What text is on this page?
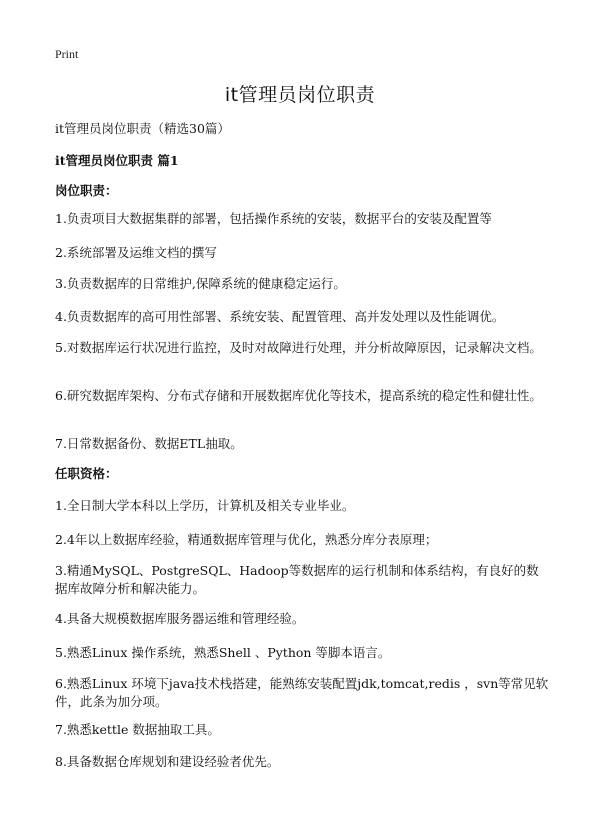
Print
it管理员岗位职责
it管理员岗位职责（精选30篇）
it管理员岗位职责 篇1
岗位职责：
1.负责项目大数据集群的部署，包括操作系统的安装，数据平台的安装及配置等
2.系统部署及运维文档的撰写
3.负责数据库的日常维护,保障系统的健康稳定运行。
4.负责数据库的高可用性部署、系统安装、配置管理、高并发处理以及性能调优。
5.对数据库运行状况进行监控，及时对故障进行处理，并分析故障原因，记录解决文档。
6.研究数据库架构、分布式存储和开展数据库优化等技术，提高系统的稳定性和健壮性。
7.日常数据备份、数据ETL抽取。
任职资格：
1.全日制大学本科以上学历，计算机及相关专业毕业。
2.4年以上数据库经验，精通数据库管理与优化，熟悉分库分表原理；
3.精通MySQL、PostgreSQL、Hadoop等数据库的运行机制和体系结构，有良好的数据库故障分析和解决能力。
4.具备大规模数据库服务器运维和管理经验。
5.熟悉Linux 操作系统，熟悉Shell 、Python 等脚本语言。
6.熟悉Linux 环境下java技术栈搭建，能熟练安装配置jdk,tomcat,redis ，svn等常见软件，此条为加分项。
7.熟悉kettle 数据抽取工具。
8.具备数据仓库规划和建设经验者优先。
